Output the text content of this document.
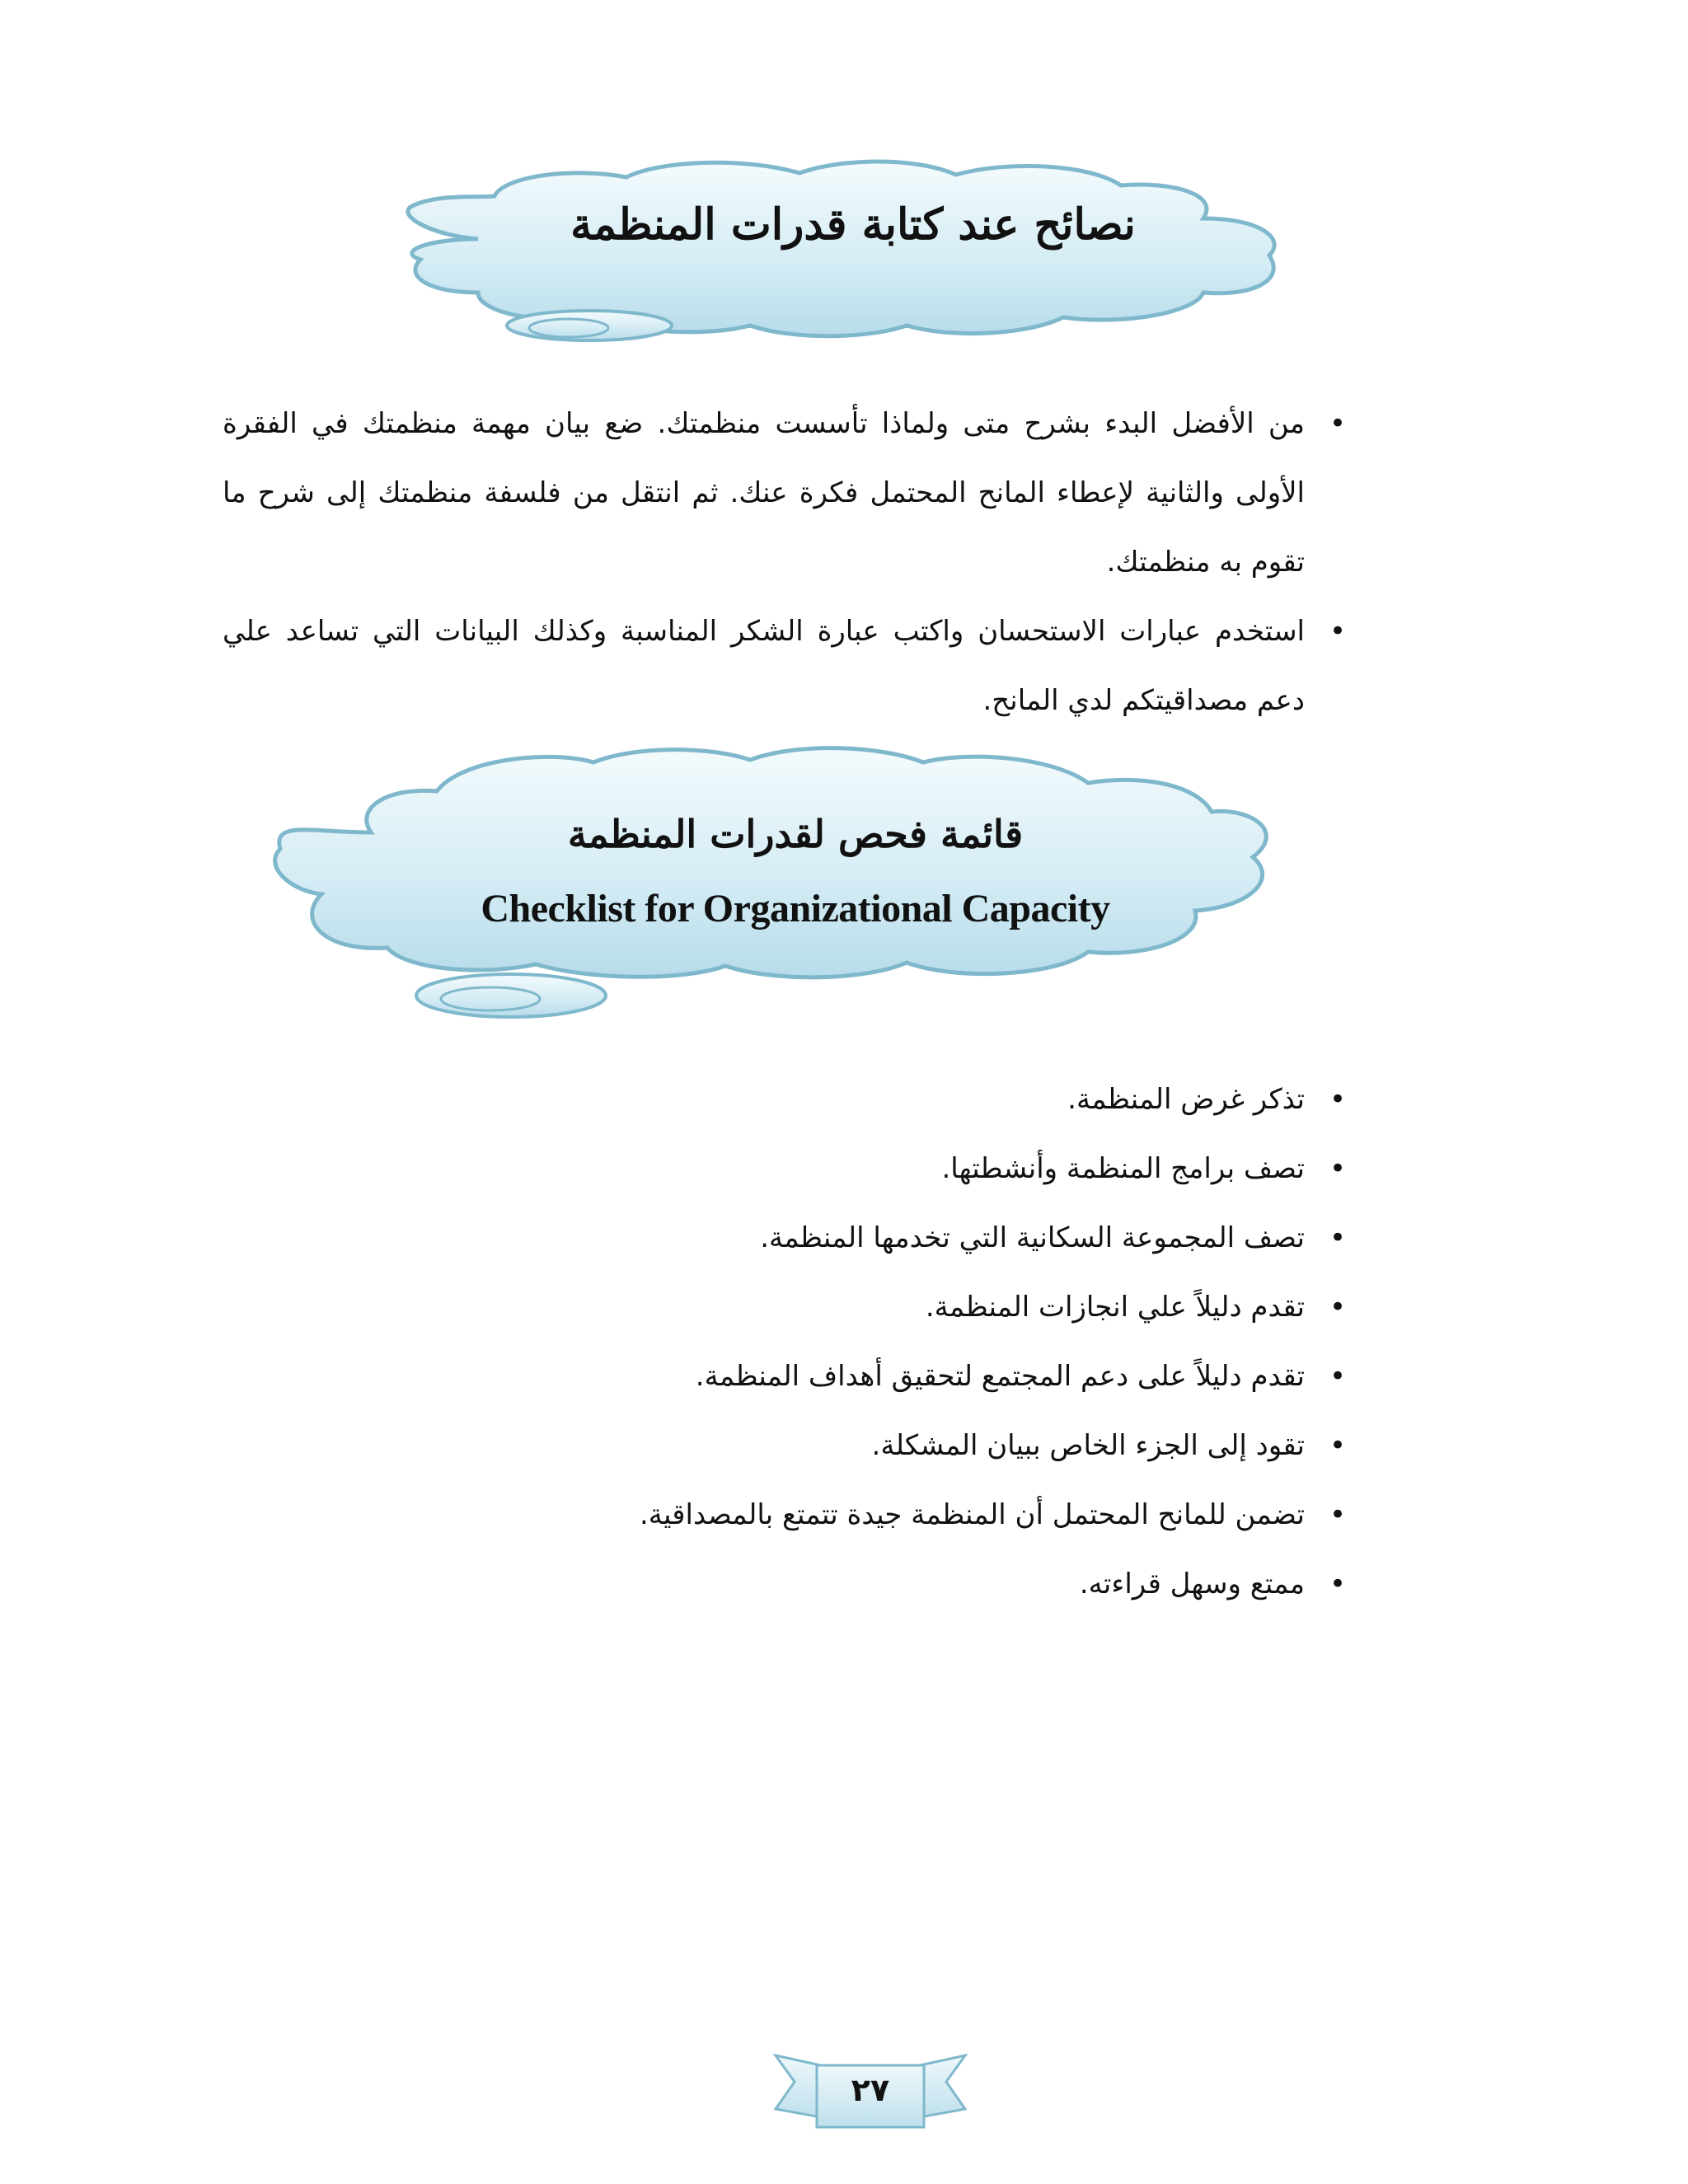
نصائح عند كتابة قدرات المنظمة
• من الأفضل البدء بشرح متى ولماذا تأسست منظمتك. ضع بيان مهمة منظمتك في الفقرة الأولى والثانية لإعطاء المانح المحتمل فكرة عنك. ثم انتقل من فلسفة منظمتك إلى شرح ما تقوم به منظمتك.
• استخدم عبارات الاستحسان واكتب عبارة الشكر المناسبة وكذلك البيانات التي تساعد علي دعم مصداقيتكم لدي المانح.
قائمة فحص لقدرات المنظمة
Checklist for Organizational Capacity
• تذكر غرض المنظمة.
• تصف برامج المنظمة وأنشطتها.
• تصف المجموعة السكانية التي تخدمها المنظمة.
• تقدم دليلاً علي انجازات المنظمة.
• تقدم دليلاً على دعم المجتمع لتحقيق أهداف المنظمة.
• تقود إلى الجزء الخاص ببيان المشكلة.
• تضمن للمانح المحتمل أن المنظمة جيدة تتمتع بالمصداقية.
• ممتع وسهل قراءته.
٢٧
